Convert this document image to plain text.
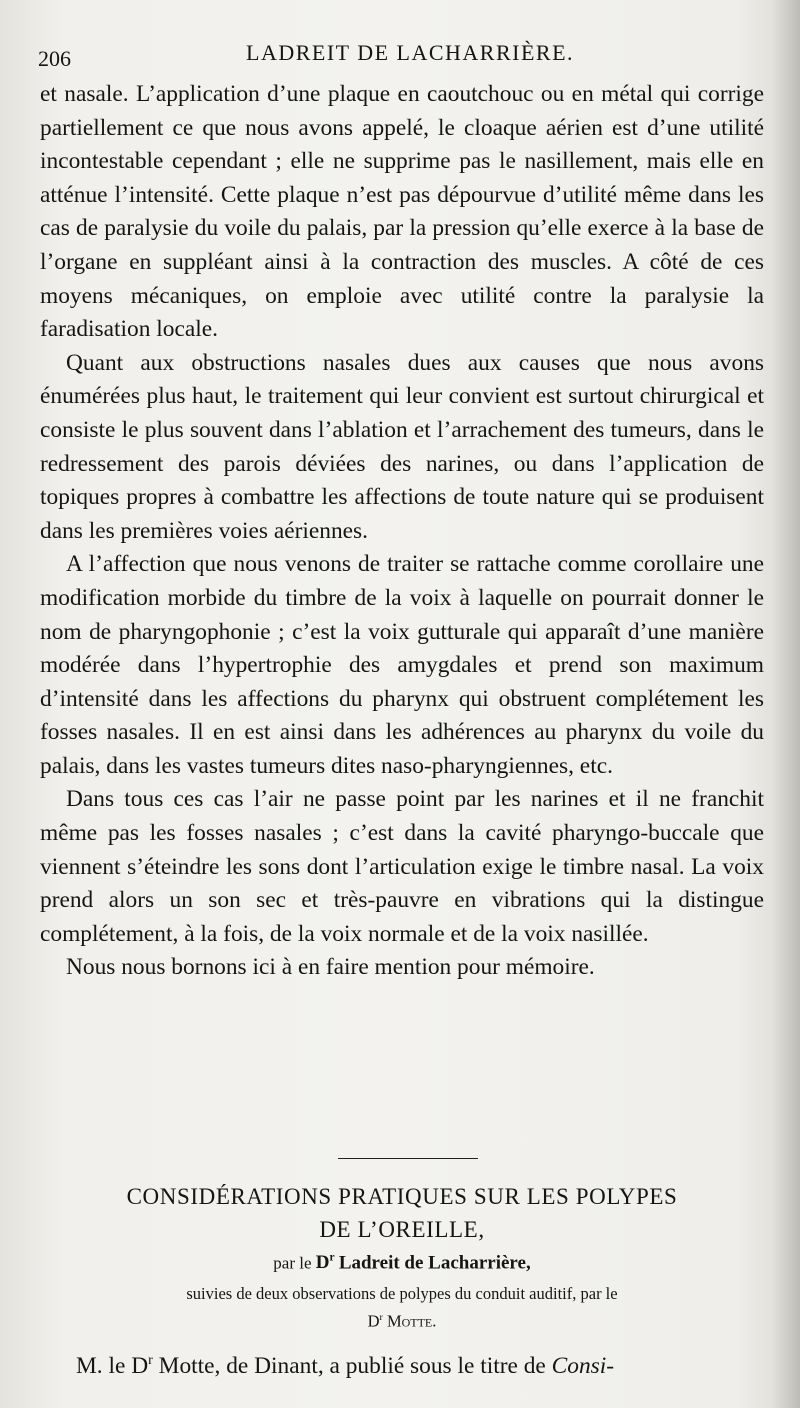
206	LADREIT DE LACHARRIÈRE.

et nasale. L’application d’une plaque en caoutchouc ou en métal qui corrige partiellement ce que nous avons appelé, le cloaque aérien est d’une utilité incontestable cependant ; elle ne supprime pas le nasillement, mais elle en atténue l’intensité. Cette plaque n’est pas dépourvue d’utilité même dans les cas de paralysie du voile du palais, par la pression qu’elle exerce à la base de l’organe en suppléant ainsi à la contraction des muscles. A côté de ces moyens mécaniques, on emploie avec utilité contre la paralysie la faradisation locale.

Quant aux obstructions nasales dues aux causes que nous avons énumérées plus haut, le traitement qui leur convient est surtout chirurgical et consiste le plus souvent dans l’ablation et l’arrachement des tumeurs, dans le redressement des parois déviées des narines, ou dans l’application de topiques propres à combattre les affections de toute nature qui se produisent dans les premières voies aériennes.

A l’affection que nous venons de traiter se rattache comme corollaire une modification morbide du timbre de la voix à laquelle on pourrait donner le nom de pharyngophonie ; c’est la voix gutturale qui apparaît d’une manière modérée dans l’hypertrophie des amygdales et prend son maximum d’intensité dans les affections du pharynx qui obstruent complétement les fosses nasales. Il en est ainsi dans les adhérences au pharynx du voile du palais, dans les vastes tumeurs dites naso-pharyngiennes, etc.

Dans tous ces cas l’air ne passe point par les narines et il ne franchit même pas les fosses nasales ; c’est dans la cavité pharyngo-buccale que viennent s’éteindre les sons dont l’articulation exige le timbre nasal. La voix prend alors un son sec et très-pauvre en vibrations qui la distingue complétement, à la fois, de la voix normale et de la voix nasillée.

Nous nous bornons ici à en faire mention pour mémoire.

CONSIDÉRATIONS PRATIQUES SUR LES POLYPES
DE L’OREILLE,
par le $D^r$ Ladreit de Lacharrière,
suivies de deux observations de polypes du conduit auditif, par le
$D^r$ Motte.
M. le $D^r$ Motte, de Dinant, a publié sous le titre de Consi-
